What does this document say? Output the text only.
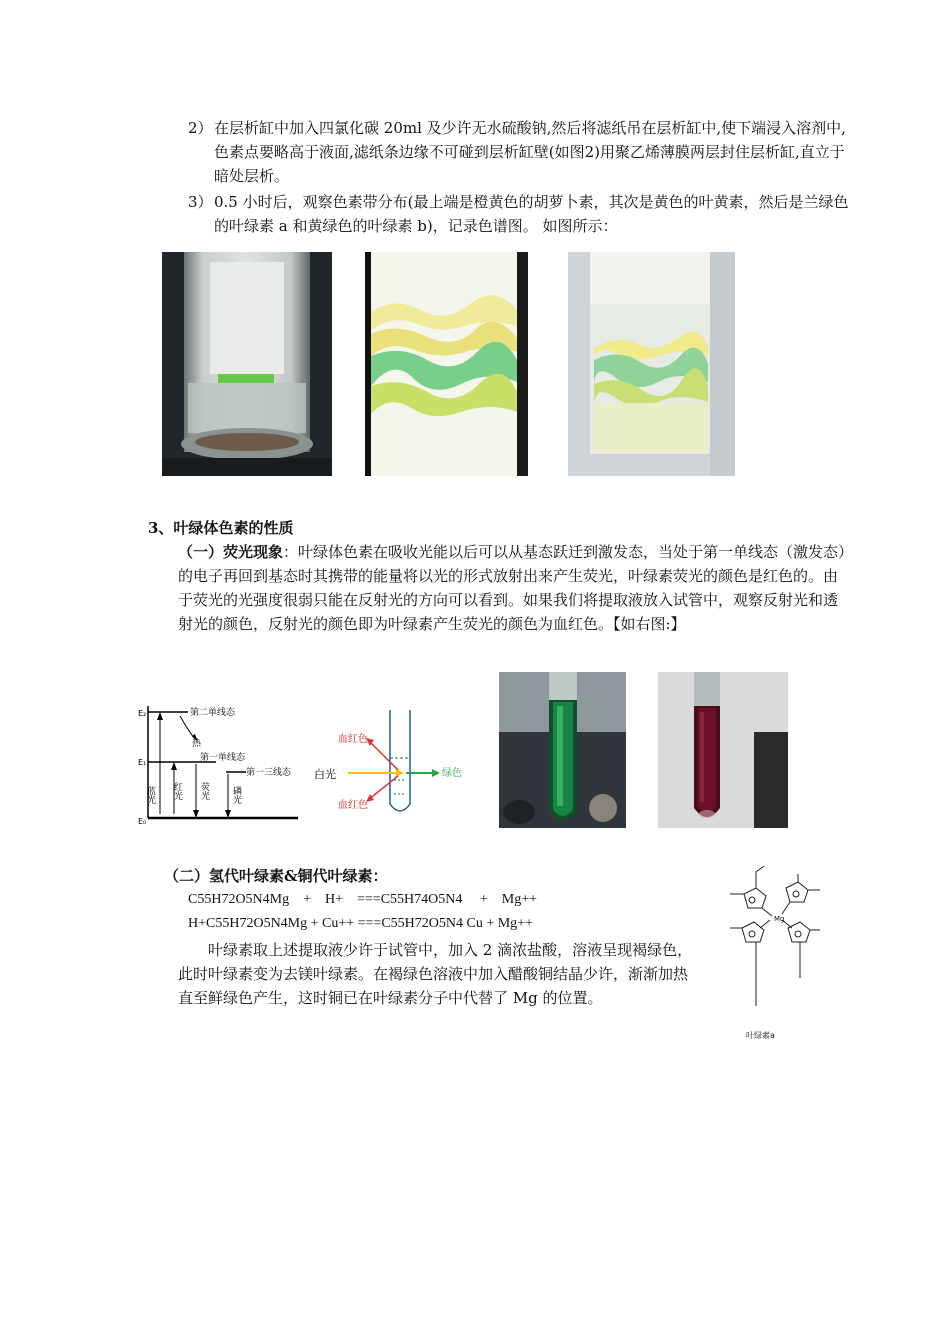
2） 在层析缸中加入四氯化碳 20ml 及少许无水硫酸钠,然后将滤纸吊在层析缸中,使下端浸入溶剂中,色素点要略高于液面,滤纸条边缘不可碰到层析缸壁(如图2)用聚乙烯薄膜两层封住层析缸,直立于暗处层析。
3） 0.5 小时后，观察色素带分布(最上端是橙黄色的胡萝卜素，其次是黄色的叶黄素，然后是兰绿色的叶绿素 a 和黄绿色的叶绿素 b)，记录色谱图。 如图所示：
3、叶绿体色素的性质
（一）荧光现象：叶绿体色素在吸收光能以后可以从基态跃迁到激发态，当处于第一单线态（激发态）的电子再回到基态时其携带的能量将以光的形式放射出来产生荧光，叶绿素荧光的颜色是红色的。由于荧光的光强度很弱只能在反射光的方向可以看到。如果我们将提取液放入试管中，观察反射光和透射光的颜色，反射光的颜色即为叶绿素产生荧光的颜色为血红色。【如右图:】
E₂
E₁
E₀
第二单线态
热
第一单线态
第一三线态
蓝光 红光 荧光 磷光
血红色
血红色
白光	绿色
（二）氢代叶绿素&铜代叶绿素：
C55H72O5N4Mg    +    H+    ===C55H74O5N4     +    Mg++
H+C55H72O5N4Mg + Cu++ ===C55H72O5N4 Cu + Mg++
叶绿素取上述提取液少许于试管中，加入 2 滴浓盐酸，溶液呈现褐绿色，此时叶绿素变为去镁叶绿素。在褐绿色溶液中加入醋酸铜结晶少许，渐渐加热直至鲜绿色产生，这时铜已在叶绿素分子中代替了 Mg 的位置。
Mg
叶绿素a
